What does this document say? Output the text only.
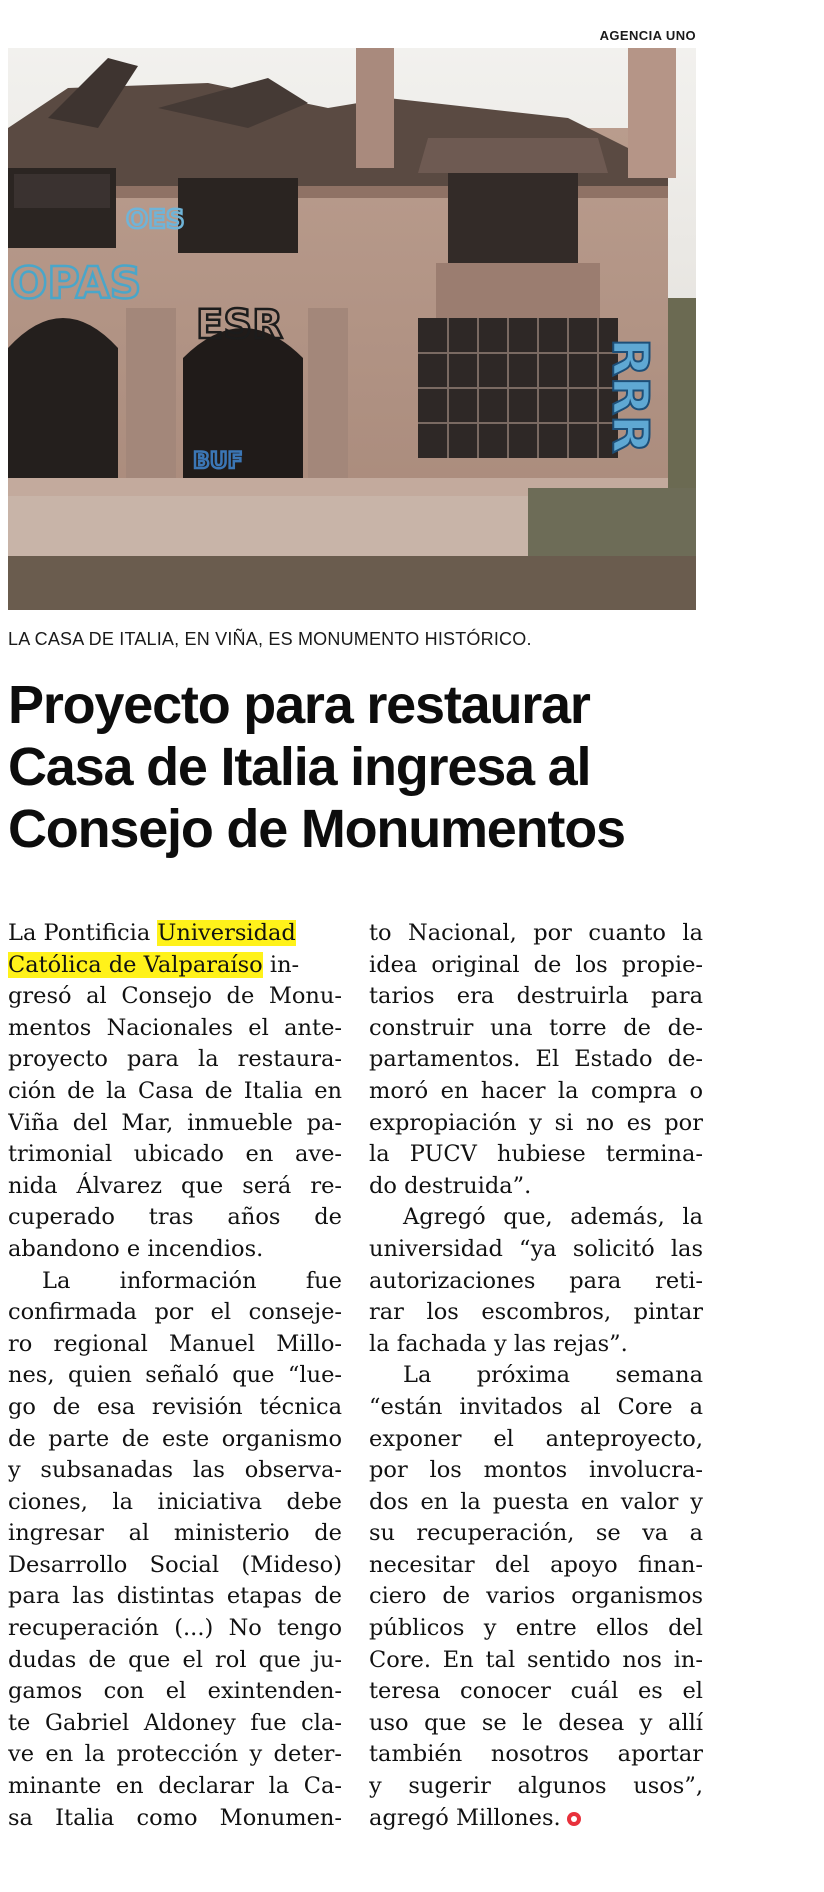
AGENCIA UNO
OPAS
ESR
BUF
OES
RRR
LA CASA DE ITALIA, EN VIÑA, ES MONUMENTO HISTÓRICO.
Proyecto para restaurar
Casa de Italia ingresa al
Consejo de Monumentos
La Pontificia Universidad
Católica de Valparaíso in-
gresó al Consejo de Monu-
mentos Nacionales el ante-
proyecto para la restaura-
ción de la Casa de Italia en
Viña del Mar, inmueble pa-
trimonial ubicado en ave-
nida Álvarez que será re-
cuperado tras años de
abandono e incendios.
La información fue
confirmada por el conseje-
ro regional Manuel Millo-
nes, quien señaló que “lue-
go de esa revisión técnica
de parte de este organismo
y subsanadas las observa-
ciones, la iniciativa debe
ingresar al ministerio de
Desarrollo Social (Mideso)
para las distintas etapas de
recuperación (...) No tengo
dudas de que el rol que ju-
gamos con el exintenden-
te Gabriel Aldoney fue cla-
ve en la protección y deter-
minante en declarar la Ca-
sa Italia como Monumen-
to Nacional, por cuanto la
idea original de los propie-
tarios era destruirla para
construir una torre de de-
partamentos. El Estado de-
moró en hacer la compra o
expropiación y si no es por
la PUCV hubiese termina-
do destruida”.
Agregó que, además, la
universidad “ya solicitó las
autorizaciones para reti-
rar los escombros, pintar
la fachada y las rejas”.
La próxima semana
“están invitados al Core a
exponer el anteproyecto,
por los montos involucra-
dos en la puesta en valor y
su recuperación, se va a
necesitar del apoyo finan-
ciero de varios organismos
públicos y entre ellos del
Core. En tal sentido nos in-
teresa conocer cuál es el
uso que se le desea y allí
también nosotros aportar
y sugerir algunos usos”,
agregó Millones.
